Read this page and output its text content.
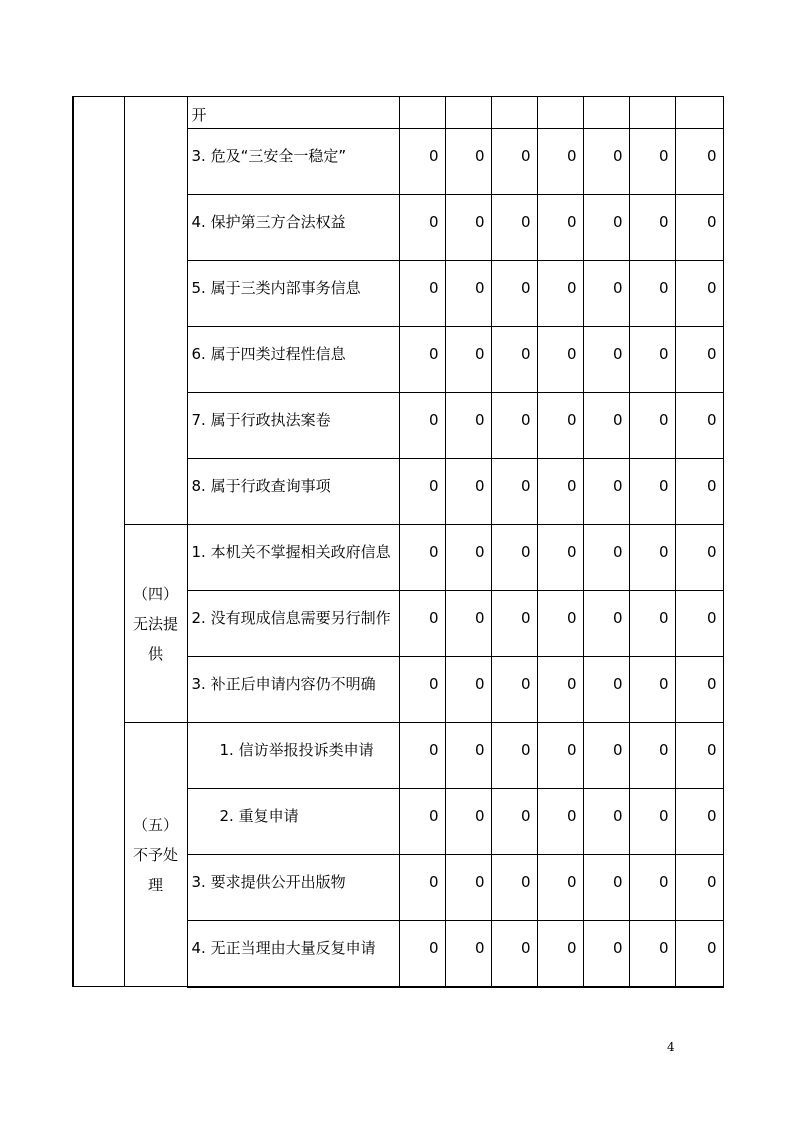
		开							

		3. 危及“三安全一稳定”	0	0	0	0	0	0	0

		4. 保护第三方合法权益	0	0	0	0	0	0	0

		5. 属于三类内部事务信息	0	0	0	0	0	0	0

		6. 属于四类过程性信息	0	0	0	0	0	0	0

		7. 属于行政执法案卷	0	0	0	0	0	0	0

		8. 属于行政查询事项	0	0	0	0	0	0	0

	（四）无法提供	1. 本机关不掌握相关政府信息	0	0	0	0	0	0	0

		2. 没有现成信息需要另行制作	0	0	0	0	0	0	0

		3. 补正后申请内容仍不明确	0	0	0	0	0	0	0

	（五）不予处理	1. 信访举报投诉类申请	0	0	0	0	0	0	0

		2. 重复申请	0	0	0	0	0	0	0

		3. 要求提供公开出版物	0	0	0	0	0	0	0

		4. 无正当理由大量反复申请	0	0	0	0	0	0	0
4
